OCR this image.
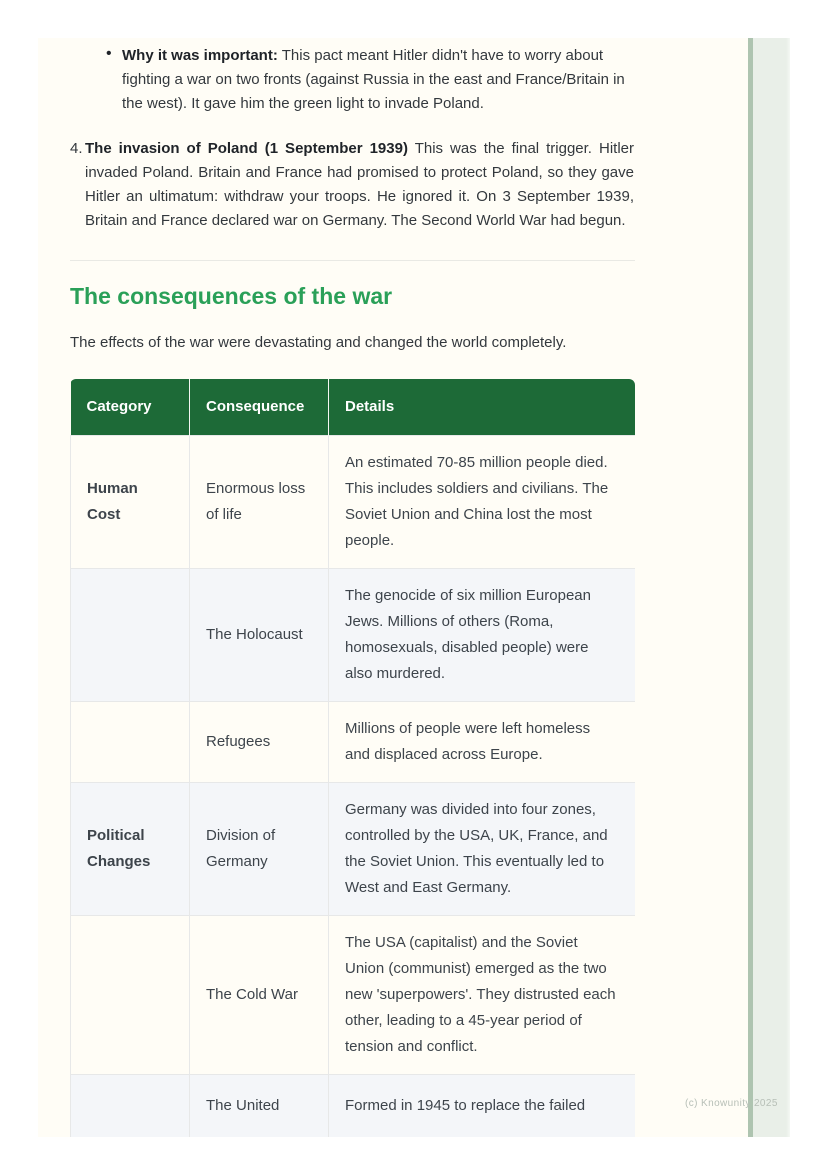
• Why it was important: This pact meant Hitler didn't have to worry about fighting a war on two fronts (against Russia in the east and France/Britain in the west). It gave him the green light to invade Poland.
4. The invasion of Poland (1 September 1939) This was the final trigger. Hitler invaded Poland. Britain and France had promised to protect Poland, so they gave Hitler an ultimatum: withdraw your troops. He ignored it. On 3 September 1939, Britain and France declared war on Germany. The Second World War had begun.
The consequences of the war

The effects of the war were devastating and changed the world completely.

Category	Consequence	Details
Human Cost	Enormous loss of life	An estimated 70-85 million people died. This includes soldiers and civilians. The Soviet Union and China lost the most people.
	The Holocaust	The genocide of six million European Jews. Millions of others (Roma, homosexuals, disabled people) were also murdered.
	Refugees	Millions of people were left homeless and displaced across Europe.
Political Changes	Division of Germany	Germany was divided into four zones, controlled by the USA, UK, France, and the Soviet Union. This eventually led to West and East Germany.
	The Cold War	The USA (capitalist) and the Soviet Union (communist) emerged as the two new 'superpowers'. They distrusted each other, leading to a 45-year period of tension and conflict.
	The United	Formed in 1945 to replace the failed	(c) Knowunity 2025
